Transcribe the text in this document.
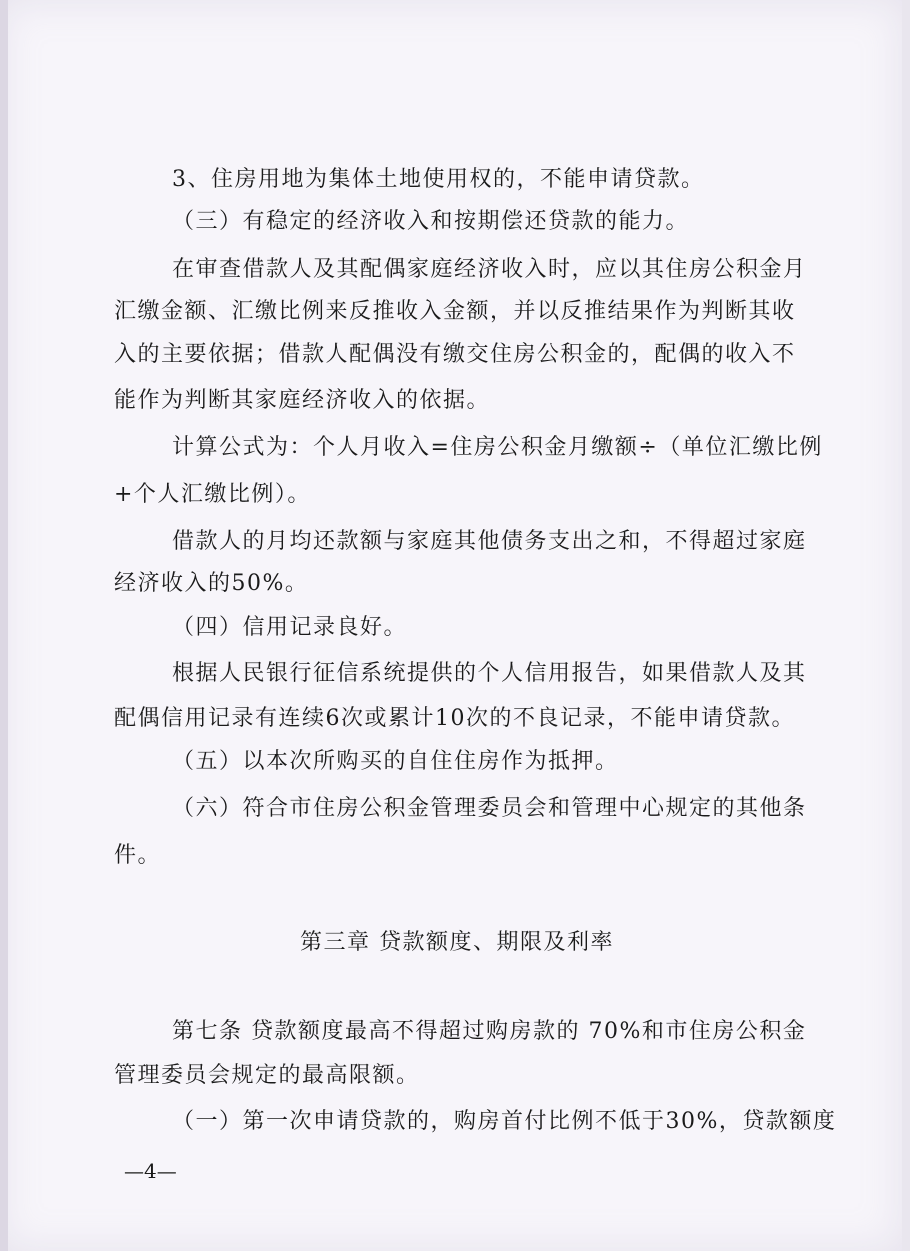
3、住房用地为集体土地使用权的，不能申请贷款。
（三）有稳定的经济收入和按期偿还贷款的能力。
在审查借款人及其配偶家庭经济收入时，应以其住房公积金月
汇缴金额、汇缴比例来反推收入金额，并以反推结果作为判断其收
入的主要依据；借款人配偶没有缴交住房公积金的，配偶的收入不
能作为判断其家庭经济收入的依据。
计算公式为：个人月收入=住房公积金月缴额÷（单位汇缴比例
+个人汇缴比例）。
借款人的月均还款额与家庭其他债务支出之和，不得超过家庭
经济收入的50%。
（四）信用记录良好。
根据人民银行征信系统提供的个人信用报告，如果借款人及其
配偶信用记录有连续6次或累计10次的不良记录，不能申请贷款。
（五）以本次所购买的自住住房作为抵押。
（六）符合市住房公积金管理委员会和管理中心规定的其他条
件。
第三章 贷款额度、期限及利率
第七条 贷款额度最高不得超过购房款的 70%和市住房公积金
管理委员会规定的最高限额。
（一）第一次申请贷款的，购房首付比例不低于30%，贷款额度
—4—
